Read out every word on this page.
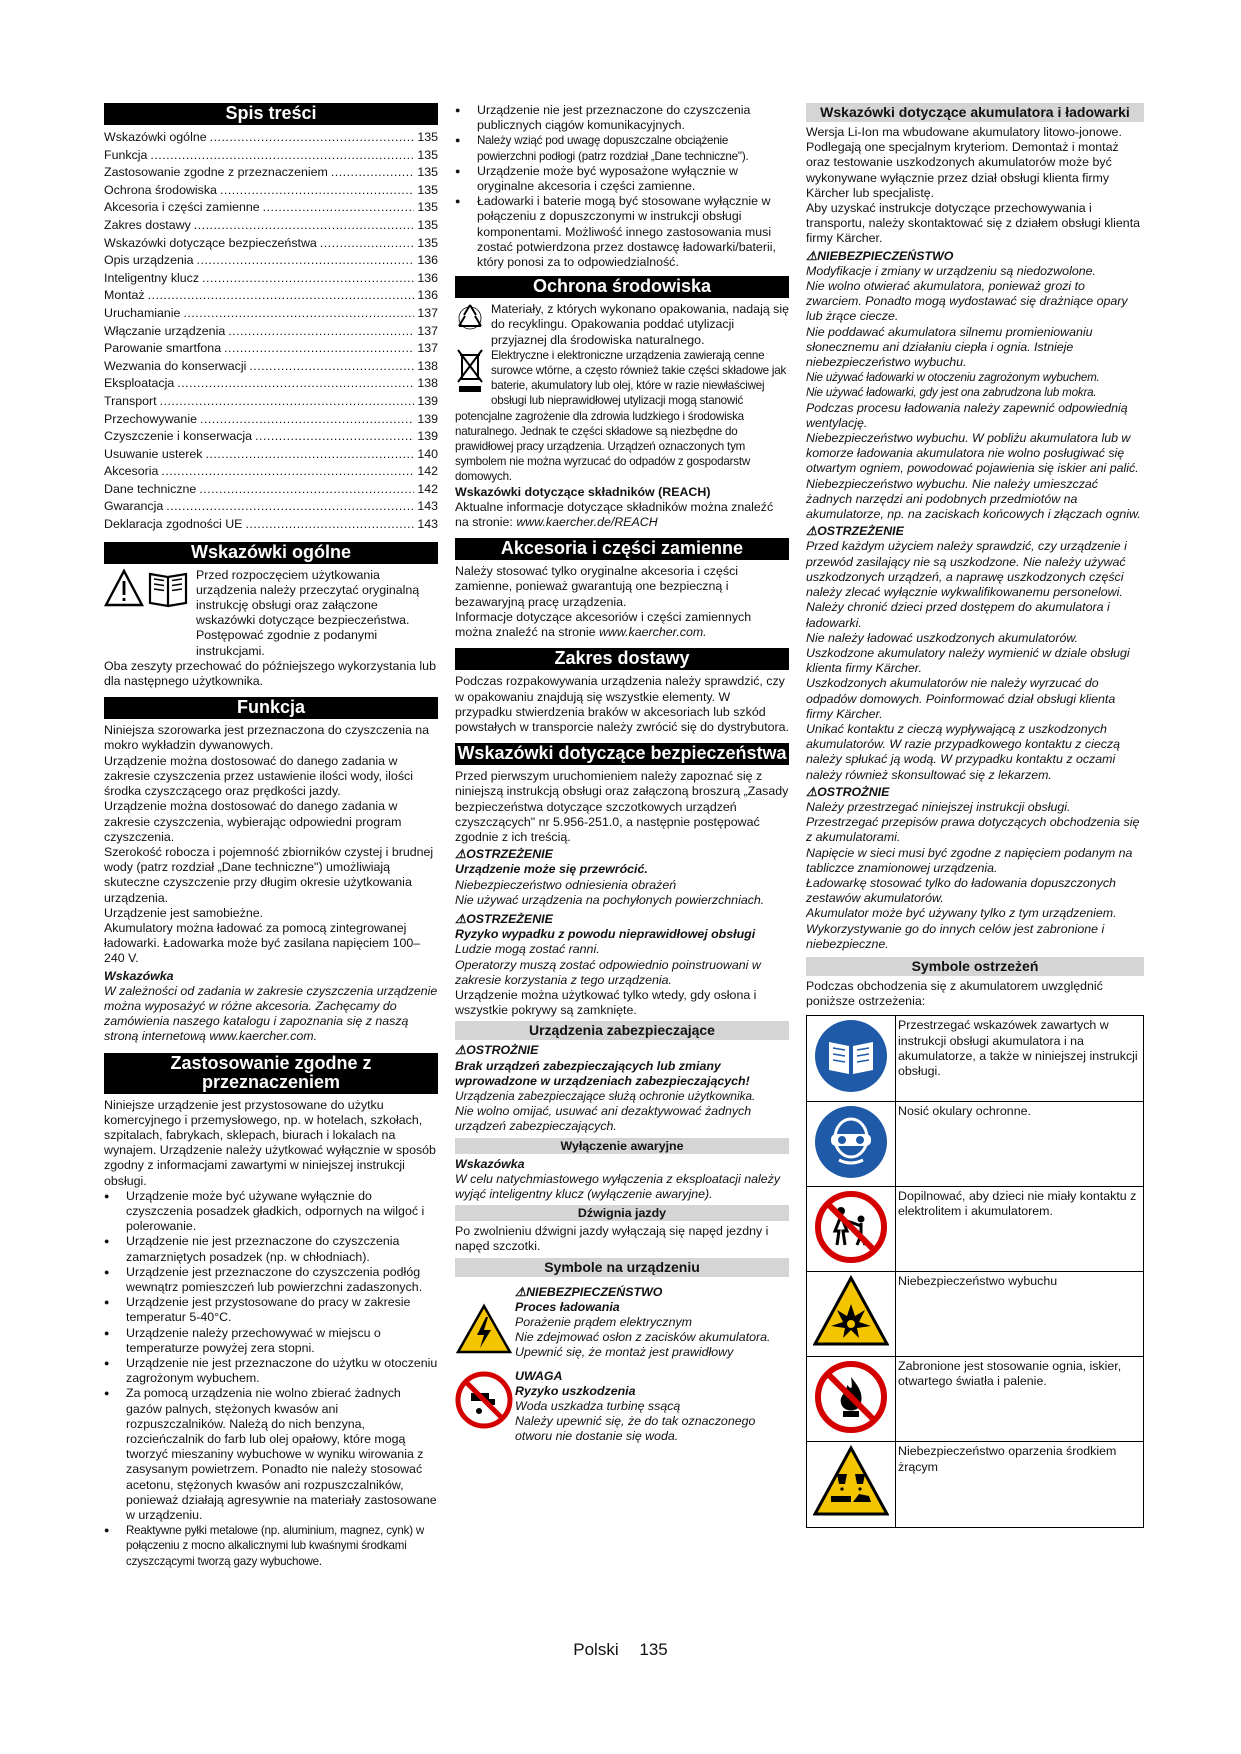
Spis treści
Wskazówki ogólne .....	135
Funkcja .....	135
Zastosowanie zgodne z przeznaczeniem .....	135
Ochrona środowiska .....	135
Akcesoria i części zamienne .....	135
Zakres dostawy .....	135
Wskazówki dotyczące bezpieczeństwa .....	135
Opis urządzenia .....	136
Inteligentny klucz .....	136
Montaż .....	136
Uruchamianie .....	137
Włączanie urządzenia .....	137
Parowanie smartfona .....	137
Wezwania do konserwacji .....	138
Eksploatacja .....	138
Transport .....	139
Przechowywanie .....	139
Czyszczenie i konserwacja .....	139
Usuwanie usterek .....	140
Akcesoria .....	142
Dane techniczne .....	142
Gwarancja .....	143
Deklaracja zgodności UE .....	143
Wskazówki ogólne

Przed rozpoczęciem użytkowania urządzenia należy przeczytać oryginalną instrukcję obsługi oraz załączone wskazówki dotyczące bezpieczeństwa. Postępować zgodnie z podanymi instrukcjami.

Oba zeszyty przechować do późniejszego wykorzystania lub dla następnego użytkownika.

Funkcja

Niniejsza szorowarka jest przeznaczona do czyszczenia na mokro wykładzin dywanowych.

Urządzenie można dostosować do danego zadania w zakresie czyszczenia przez ustawienie ilości wody, ilości środka czyszczącego oraz prędkości jazdy.

Urządzenie można dostosować do danego zadania w zakresie czyszczenia, wybierając odpowiedni program czyszczenia.

Szerokość robocza i pojemność zbiorników czystej i brudnej wody (patrz rozdział „Dane techniczne") umożliwiają skuteczne czyszczenie przy długim okresie użytkowania urządzenia.

Urządzenie jest samobieżne.

Akumulatory można ładować za pomocą zintegrowanej ładowarki. Ładowarka może być zasilana napięciem 100–240 V.

Wskazówka

W zależności od zadania w zakresie czyszczenia urządzenie można wyposażyć w różne akcesoria. Zachęcamy do zamówienia naszego katalogu i zapoznania się z naszą stroną internetową www.kaercher.com.

Zastosowanie zgodne z przeznaczeniem

Niniejsze urządzenie jest przystosowane do użytku komercyjnego i przemysłowego, np. w hotelach, szkołach, szpitalach, fabrykach, sklepach, biurach i lokalach na wynajem. Urządzenie należy użytkować wyłącznie w sposób zgodny z informacjami zawartymi w niniejszej instrukcji obsługi.

● Urządzenie może być używane wyłącznie do czyszczenia posadzek gładkich, odpornych na wilgoć i polerowanie.
● Urządzenie nie jest przeznaczone do czyszczenia zamarzniętych posadzek (np. w chłodniach).
● Urządzenie jest przeznaczone do czyszczenia podłóg wewnątrz pomieszczeń lub powierzchni zadaszonych.
● Urządzenie jest przystosowane do pracy w zakresie temperatur 5-40°C.
● Urządzenie należy przechowywać w miejscu o temperaturze powyżej zera stopni.
● Urządzenie nie jest przeznaczone do użytku w otoczeniu zagrożonym wybuchem.
● Za pomocą urządzenia nie wolno zbierać żadnych gazów palnych, stężonych kwasów ani rozpuszczalników. Należą do nich benzyna, rozcieńczalnik do farb lub olej opałowy, które mogą tworzyć mieszaniny wybuchowe w wyniku wirowania z zasysanym powietrzem. Ponadto nie należy stosować acetonu, stężonych kwasów ani rozpuszczalników, ponieważ działają agresywnie na materiały zastosowane w urządzeniu.
● Reaktywne pyłki metalowe (np. aluminium, magnez, cynk) w połączeniu z mocno alkalicznymi lub kwaśnymi środkami czyszczącymi tworzą gazy wybuchowe.
● Urządzenie nie jest przeznaczone do czyszczenia publicznych ciągów komunikacyjnych.
● Należy wziąć pod uwagę dopuszczalne obciążenie powierzchni podłogi (patrz rozdział „Dane techniczne").
● Urządzenie może być wyposażone wyłącznie w oryginalne akcesoria i części zamienne.
● Ładowarki i baterie mogą być stosowane wyłącznie w połączeniu z dopuszczonymi w instrukcji obsługi komponentami. Możliwość innego zastosowania musi zostać potwierdzona przez dostawcę ładowarki/baterii, który ponosi za to odpowiedzialność.
Ochrona środowiska

Materiały, z których wykonano opakowania, nadają się do recyklingu. Opakowania poddać utylizacji przyjaznej dla środowiska naturalnego.

Elektryczne i elektroniczne urządzenia zawierają cenne surowce wtórne, a często również takie części składowe jak baterie, akumulatory lub olej, które w razie niewłaściwej obsługi lub nieprawidłowej utylizacji mogą stanowić potencjalne zagrożenie dla zdrowia ludzkiego i środowiska naturalnego. Jednak te części składowe są niezbędne do prawidłowej pracy urządzenia. Urządzeń oznaczonych tym symbolem nie można wyrzucać do odpadów z gospodarstw domowych.

Wskazówki dotyczące składników (REACH)

Aktualne informacje dotyczące składników można znaleźć na stronie: www.kaercher.de/REACH

Akcesoria i części zamienne

Należy stosować tylko oryginalne akcesoria i części zamienne, ponieważ gwarantują one bezpieczną i bezawaryjną pracę urządzenia.

Informacje dotyczące akcesoriów i części zamiennych można znaleźć na stronie www.kaercher.com.

Zakres dostawy

Podczas rozpakowywania urządzenia należy sprawdzić, czy w opakowaniu znajdują się wszystkie elementy. W przypadku stwierdzenia braków w akcesoriach lub szkód powstałych w transporcie należy zwrócić się do dystrybutora.

Wskazówki dotyczące bezpieczeństwa

Przed pierwszym uruchomieniem należy zapoznać się z niniejszą instrukcją obsługi oraz załączoną broszurą „Zasady bezpieczeństwa dotyczące szczotkowych urządzeń czyszczących" nr 5.956-251.0, a następnie postępować zgodnie z ich treścią.

⚠OSTRZEŻENIE

Urządzenie może się przewrócić.

Niebezpieczeństwo odniesienia obrażeń

Nie używać urządzenia na pochyłonych powierzchniach.

⚠OSTRZEŻENIE

Ryzyko wypadku z powodu nieprawidłowej obsługi

Ludzie mogą zostać ranni.

Operatorzy muszą zostać odpowiednio poinstruowani w zakresie korzystania z tego urządzenia.

Urządzenie można użytkować tylko wtedy, gdy osłona i wszystkie pokrywy są zamknięte.

Urządzenia zabezpieczające

⚠OSTROŻNIE

Brak urządzeń zabezpieczających lub zmiany wprowadzone w urządzeniach zabezpieczających!

Urządzenia zabezpieczające służą ochronie użytkownika.

Nie wolno omijać, usuwać ani dezaktywować żadnych urządzeń zabezpieczających.

Wyłączenie awaryjne

Wskazówka

W celu natychmiastowego wyłączenia z eksploatacji należy wyjąć inteligentny klucz (wyłączenie awaryjne).

Dźwignia jazdy

Po zwolnieniu dźwigni jazdy wyłączają się napęd jezdny i napęd szczotki.

Symbole na urządzeniu

⚠NIEBEZPIECZEŃSTWO

Proces ładowania

Porażenie prądem elektrycznym

Nie zdejmować osłon z zacisków akumulatora.

Upewnić się, że montaż jest prawidłowy

UWAGA

Ryzyko uszkodzenia

Woda uszkadza turbinę ssącą

Należy upewnić się, że do tak oznaczonego otworu nie dostanie się woda.

Wskazówki dotyczące akumulatora i ładowarki

Wersja Li-Ion ma wbudowane akumulatory litowo-jonowe. Podlegają one specjalnym kryteriom. Demontaż i montaż oraz testowanie uszkodzonych akumulatorów może być wykonywane wyłącznie przez dział obsługi klienta firmy Kärcher lub specjalistę.

Aby uzyskać instrukcje dotyczące przechowywania i transportu, należy skontaktować się z działem obsługi klienta firmy Kärcher.

⚠NIEBEZPIECZEŃSTWO

Modyfikacje i zmiany w urządzeniu są niedozwolone.

Nie wolno otwierać akumulatora, ponieważ grozi to zwarciem. Ponadto mogą wydostawać się drażniące opary lub żrące ciecze.

Nie poddawać akumulatora silnemu promieniowaniu słonecznemu ani działaniu ciepła i ognia. Istnieje niebezpieczeństwo wybuchu.

Nie używać ładowarki w otoczeniu zagrożonym wybuchem.

Nie używać ładowarki, gdy jest ona zabrudzona lub mokra.

Podczas procesu ładowania należy zapewnić odpowiednią wentylację.

Niebezpieczeństwo wybuchu. W pobliżu akumulatora lub w komorze ładowania akumulatora nie wolno posługiwać się otwartym ogniem, powodować pojawienia się iskier ani palić.

Niebezpieczeństwo wybuchu. Nie należy umieszczać żadnych narzędzi ani podobnych przedmiotów na akumulatorze, np. na zaciskach końcowych i złączach ogniw.

⚠OSTRZEŻENIE

Przed każdym użyciem należy sprawdzić, czy urządzenie i przewód zasilający nie są uszkodzone. Nie należy używać uszkodzonych urządzeń, a naprawę uszkodzonych części należy zlecać wyłącznie wykwalifikowanemu personelowi.

Należy chronić dzieci przed dostępem do akumulatora i ładowarki.

Nie należy ładować uszkodzonych akumulatorów. Uszkodzone akumulatory należy wymienić w dziale obsługi klienta firmy Kärcher.

Uszkodzonych akumulatorów nie należy wyrzucać do odpadów domowych. Poinformować dział obsługi klienta firmy Kärcher.

Unikać kontaktu z cieczą wypływającą z uszkodzonych akumulatorów. W razie przypadkowego kontaktu z cieczą należy spłukać ją wodą. W przypadku kontaktu z oczami należy również skonsultować się z lekarzem.

⚠OSTROŻNIE

Należy przestrzegać niniejszej instrukcji obsługi. Przestrzegać przepisów prawa dotyczących obchodzenia się z akumulatorami.

Napięcie w sieci musi być zgodne z napięciem podanym na tabliczce znamionowej urządzenia.

Ładowarkę stosować tylko do ładowania dopuszczonych zestawów akumulatorów.

Akumulator może być używany tylko z tym urządzeniem. Wykorzystywanie go do innych celów jest zabronione i niebezpieczne.

Symbole ostrzeżeń

Podczas obchodzenia się z akumulatorem uwzględnić poniższe ostrzeżenia:

	Przestrzegać wskazówek zawartych w instrukcji obsługi akumulatora i na akumulatorze, a także w niniejszej instrukcji obsługi.
	Nosić okulary ochronne.
	Dopilnować, aby dzieci nie miały kontaktu z elektrolitem i akumulatorem.
	Niebezpieczeństwo wybuchu
	Zabronione jest stosowanie ognia, iskier, otwartego światła i palenie.
	Niebezpieczeństwo oparzenia środkiem żrącym
Polski 135
